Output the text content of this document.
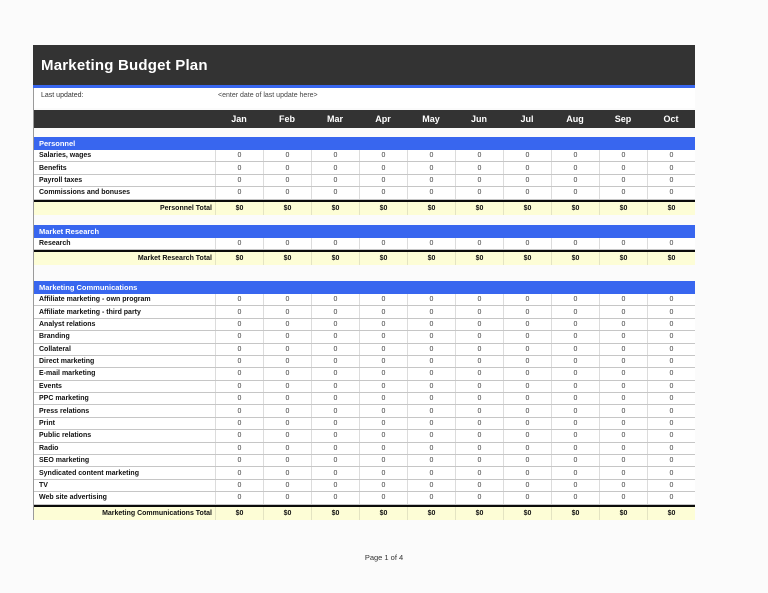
Marketing Budget Plan
Last updated:	<enter date of last update here>
Jan	Feb	Mar	Apr	May	Jun	Jul	Aug	Sep	Oct
Personnel
Salaries, wages	0	0	0	0	0	0	0	0	0	0
Benefits	0	0	0	0	0	0	0	0	0	0
Payroll taxes	0	0	0	0	0	0	0	0	0	0
Commissions and bonuses	0	0	0	0	0	0	0	0	0	0
Personnel Total	$0	$0	$0	$0	$0	$0	$0	$0	$0	$0
Market Research
Research	0	0	0	0	0	0	0	0	0	0
Market Research Total	$0	$0	$0	$0	$0	$0	$0	$0	$0	$0
Marketing Communications
Affiliate marketing - own program	0	0	0	0	0	0	0	0	0	0
Affiliate marketing - third party	0	0	0	0	0	0	0	0	0	0
Analyst relations	0	0	0	0	0	0	0	0	0	0
Branding	0	0	0	0	0	0	0	0	0	0
Collateral	0	0	0	0	0	0	0	0	0	0
Direct marketing	0	0	0	0	0	0	0	0	0	0
E-mail marketing	0	0	0	0	0	0	0	0	0	0
Events	0	0	0	0	0	0	0	0	0	0
PPC marketing	0	0	0	0	0	0	0	0	0	0
Press relations	0	0	0	0	0	0	0	0	0	0
Print	0	0	0	0	0	0	0	0	0	0
Public relations	0	0	0	0	0	0	0	0	0	0
Radio	0	0	0	0	0	0	0	0	0	0
SEO marketing	0	0	0	0	0	0	0	0	0	0
Syndicated content marketing	0	0	0	0	0	0	0	0	0	0
TV	0	0	0	0	0	0	0	0	0	0
Web site advertising	0	0	0	0	0	0	0	0	0	0
Marketing Communications Total	$0	$0	$0	$0	$0	$0	$0	$0	$0	$0
Page 1 of 4
